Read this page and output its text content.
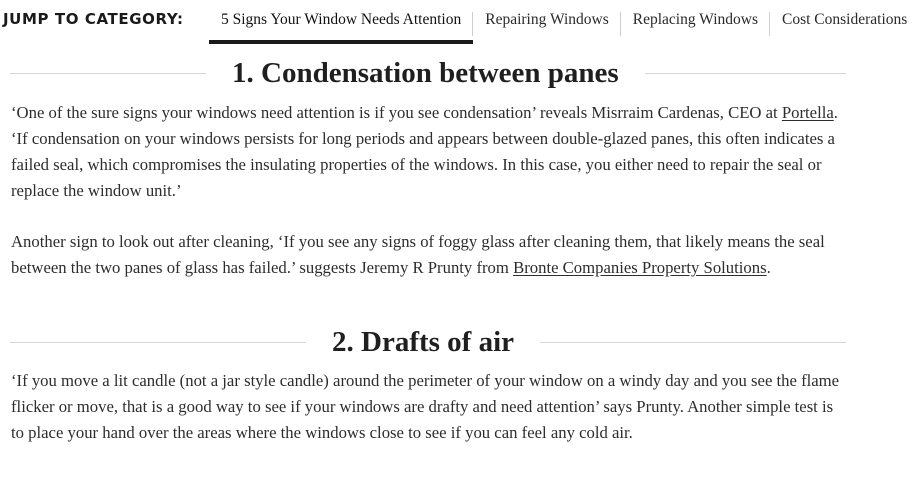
JUMP TO CATEGORY:	5 Signs Your Window Needs Attention	Repairing Windows	Replacing Windows	Cost Considerations
1. Condensation between panes

‘One of the sure signs your windows need attention is if you see condensation’ reveals Misrraim Cardenas, CEO at Portella. ‘If condensation on your windows persists for long periods and appears between double-glazed panes, this often indicates a failed seal, which compromises the insulating properties of the windows. In this case, you either need to repair the seal or replace the window unit.’

Another sign to look out after cleaning, ‘If you see any signs of foggy glass after cleaning them, that likely means the seal between the two panes of glass has failed.’ suggests Jeremy R Prunty from Bronte Companies Property Solutions.

2. Drafts of air

‘If you move a lit candle (not a jar style candle) around the perimeter of your window on a windy day and you see the flame flicker or move, that is a good way to see if your windows are drafty and need attention’ says Prunty. Another simple test is to place your hand over the areas where the windows close to see if you can feel any cold air.
